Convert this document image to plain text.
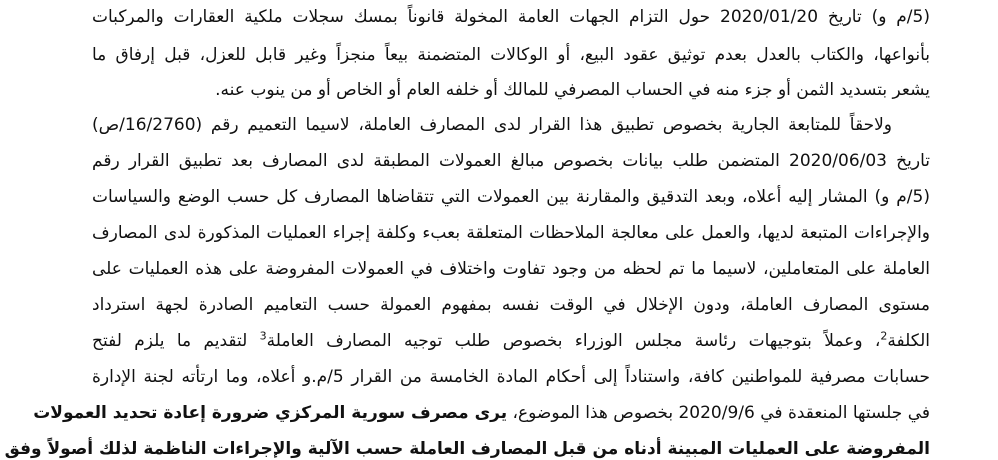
(5/م و) تاريخ 2020/01/20 حول التزام الجهات العامة المخولة قانوناً بمسك سجلات ملكية العقارات والمركبات
بأنواعها، والكتاب بالعدل بعدم توثيق عقود البيع، أو الوكالات المتضمنة بيعاً منجزاً وغير قابل للعزل، قبل إرفاق ما
يشعر بتسديد الثمن أو جزء منه في الحساب المصرفي للمالك أو خلفه العام أو الخاص أو من ينوب عنه.
ولاحقاً للمتابعة الجارية بخصوص تطبيق هذا القرار لدى المصارف العاملة، لاسيما التعميم رقم (16/2760/ص)
تاريخ 2020/06/03 المتضمن طلب بيانات بخصوص مبالغ العمولات المطبقة لدى المصارف بعد تطبيق القرار رقم
(5/م و) المشار إليه أعلاه، وبعد التدقيق والمقارنة بين العمولات التي تتقاضاها المصارف كل حسب الوضع والسياسات
والإجراءات المتبعة لديها، والعمل على معالجة الملاحظات المتعلقة بعبء وكلفة إجراء العمليات المذكورة لدى المصارف
العاملة على المتعاملين، لاسيما ما تم لحظه من وجود تفاوت واختلاف في العمولات المفروضة على هذه العمليات على
مستوى المصارف العاملة، ودون الإخلال في الوقت نفسه بمفهوم العمولة حسب التعاميم الصادرة لجهة استرداد
الكلفة$^2$، وعملاً بتوجيهات رئاسة مجلس الوزراء بخصوص طلب توجيه المصارف العاملة$^3$ لتقديم ما يلزم لفتح
حسابات مصرفية للمواطنين كافة، واستناداً إلى أحكام المادة الخامسة من القرار 5/م.و أعلاه، وما ارتأته لجنة الإدارة
في جلستها المنعقدة في 2020/9/6 بخصوص هذا الموضوع، يرى مصرف سورية المركزي ضرورة إعادة تحديد العمولات
المفروضة على العمليات المبينة أدناه من قبل المصارف العاملة حسب الآلية والإجراءات الناظمة لذلك أصولاً وفق
